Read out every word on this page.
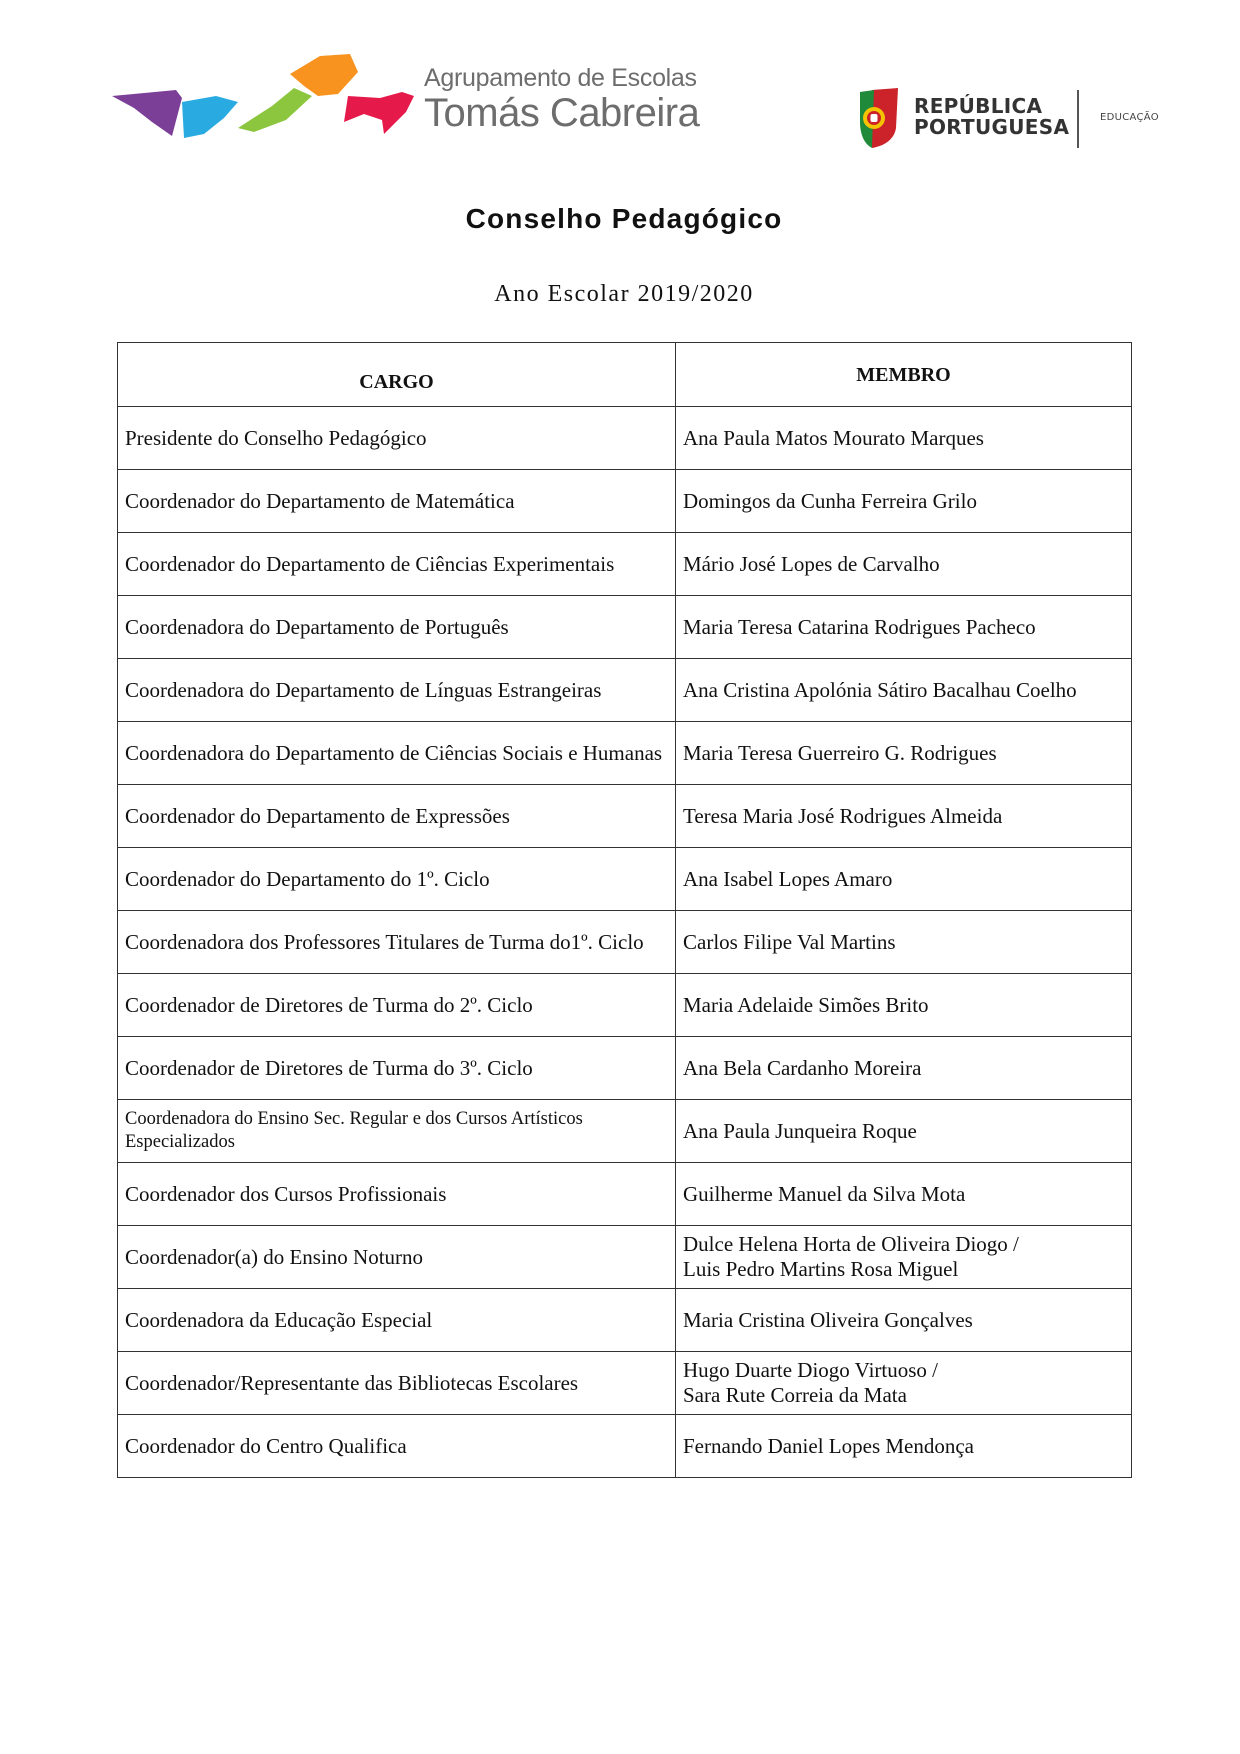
Agrupamento de Escolas
Tomás Cabreira	REPÚBLICA
PORTUGUESA	EDUCAÇÃO
Conselho Pedagógico
Ano Escolar 2019/2020
CARGO	MEMBRO
Presidente do Conselho Pedagógico	Ana Paula Matos Mourato Marques
Coordenador do Departamento de Matemática	Domingos da Cunha Ferreira Grilo
Coordenador do Departamento de Ciências Experimentais	Mário José Lopes de Carvalho
Coordenadora do Departamento de Português	Maria Teresa Catarina Rodrigues Pacheco
Coordenadora do Departamento de Línguas Estrangeiras	Ana Cristina Apolónia Sátiro Bacalhau Coelho
Coordenadora do Departamento de Ciências Sociais e Humanas	Maria Teresa Guerreiro G. Rodrigues
Coordenador do Departamento de Expressões	Teresa Maria José Rodrigues Almeida
Coordenador do Departamento do 1º. Ciclo	Ana Isabel Lopes Amaro
Coordenadora dos Professores Titulares de Turma do1º. Ciclo	Carlos Filipe Val Martins
Coordenador de Diretores de Turma do 2º. Ciclo	Maria Adelaide Simões Brito
Coordenador de Diretores de Turma do 3º. Ciclo	Ana Bela Cardanho Moreira
Coordenadora do Ensino Sec. Regular e dos Cursos Artísticos Especializados	Ana Paula Junqueira Roque
Coordenador dos Cursos Profissionais	Guilherme Manuel da Silva Mota
Coordenador(a) do Ensino Noturno	Dulce Helena Horta de Oliveira Diogo /
Luis Pedro Martins Rosa Miguel

Coordenadora da Educação Especial	Maria Cristina Oliveira Gonçalves
Coordenador/Representante das Bibliotecas Escolares	Hugo Duarte Diogo Virtuoso /
Sara Rute Correia da Mata

Coordenador do Centro Qualifica	Fernando Daniel Lopes Mendonça
